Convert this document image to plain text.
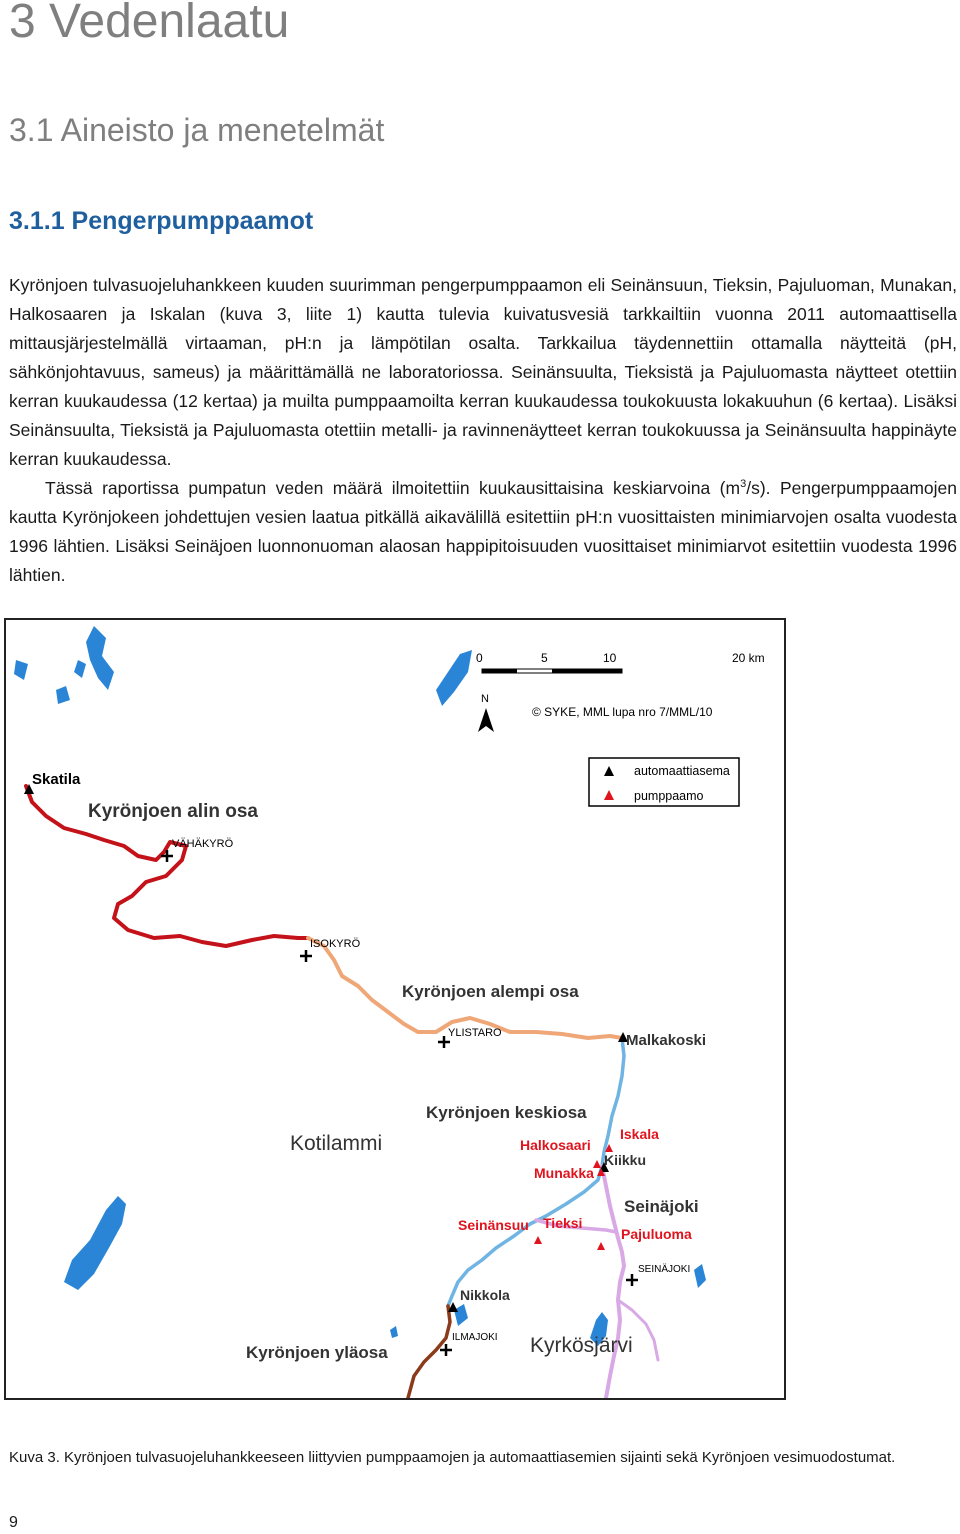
3 Vedenlaatu
3.1 Aineisto ja menetelmät
3.1.1 Pengerpumppaamot

Kyrönjoen tulvasuojeluhankkeen kuuden suurimman pengerpumppaamon eli Seinänsuun, Tieksin, Pajuluoman, Munakan, Halkosaaren ja Iskalan (kuva 3, liite 1) kautta tulevia kuivatusvesiä tarkkailtiin vuonna 2011 automaattisella mittausjärjestelmällä virtaaman, pH:n ja lämpötilan osalta. Tarkkailua täydennettiin ottamalla näytteitä (pH, sähkönjohtavuus, sameus) ja määrittämällä ne laboratoriossa. Seinänsuulta, Tieksistä ja Pajuluomasta näytteet otettiin kerran kuukaudessa (12 kertaa) ja muilta pumppaamoilta kerran kuukaudessa toukokuusta lokakuuhun (6 kertaa). Lisäksi Seinänsuulta, Tieksistä ja Pajuluomasta otettiin metalli- ja ravinnenäytteet kerran toukokuussa ja Seinänsuulta happinäyte kerran kuukaudessa.

Tässä raportissa pumpatun veden määrä ilmoitettiin kuukausittaisina keskiarvoina $(m^3/s)$. Pengerpumppaamojen kautta Kyrönjokeen johdettujen vesien laatua pitkällä aikavälillä esitettiin pH:n vuosittaisten minimiarvojen osalta vuodesta 1996 lähtien. Lisäksi Seinäjoen luonnonuoman alaosan happipitoisuuden vuosittaiset minimiarvot esitettiin vuodesta 1996 lähtien.

0	5	10	20 km
N
© SYKE, MML lupa nro 7/MML/10
automaattiasema
pumppaamo
Skatila
Kyrönjoen alin osa
VÄHÄKYRÖ
ISOKYRÖ
Kyrönjoen alempi osa
YLISTARO	Malkakoski
Kyrönjoen keskiosa
Kotilammi	Halkosaari
Iskala
Munakka
Kiikku
Seinäjoki
Pajuluoma
Seinänsuu Tieksi
SEINÄJOKI
Nikkola
ILMAJOKI
Kyrönjoen yläosa	Kyrkösjärvi
Kuva 3. Kyrönjoen tulvasuojeluhankkeeseen liittyvien pumppaamojen ja automaattiasemien sijainti sekä Kyrönjoen vesimuodostumat.
9
